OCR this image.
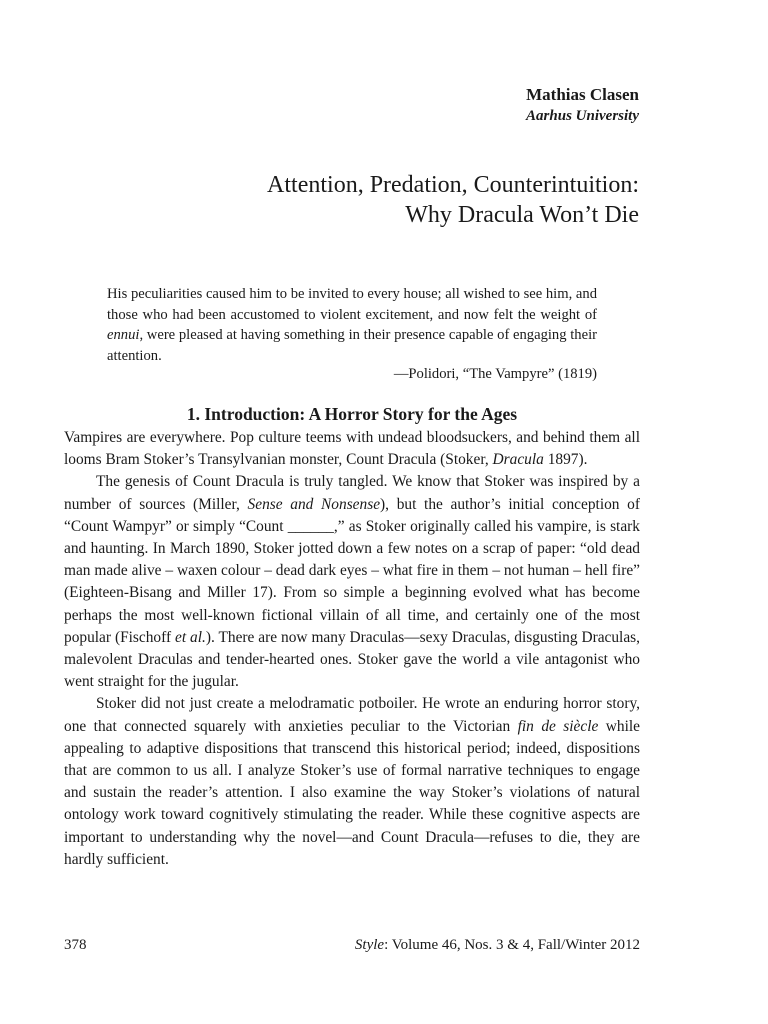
Mathias Clasen
Aarhus University
Attention, Predation, Counterintuition:
Why Dracula Won’t Die
His peculiarities caused him to be invited to every house; all wished to see him, and those who had been accustomed to violent excitement, and now felt the weight of ennui, were pleased at having something in their presence capable of engaging their attention.
—Polidori, “The Vampyre” (1819)
1. Introduction: A Horror Story for the Ages

Vampires are everywhere. Pop culture teems with undead bloodsuckers, and behind them all looms Bram Stoker’s Transylvanian monster, Count Dracula (Stoker, Dracula 1897).

The genesis of Count Dracula is truly tangled. We know that Stoker was inspired by a number of sources (Miller, Sense and Nonsense), but the author’s initial conception of “Count Wampyr” or simply “Count ______,” as Stoker originally called his vampire, is stark and haunting. In March 1890, Stoker jotted down a few notes on a scrap of paper: “old dead man made alive – waxen colour – dead dark eyes – what fire in them – not human – hell fire” (Eighteen-Bisang and Miller 17). From so simple a beginning evolved what has become perhaps the most well-known fictional villain of all time, and certainly one of the most popular (Fischoff et al.). There are now many Draculas—sexy Draculas, disgusting Draculas, malevolent Draculas and tender-hearted ones. Stoker gave the world a vile antagonist who went straight for the jugular.

Stoker did not just create a melodramatic potboiler. He wrote an enduring horror story, one that connected squarely with anxieties peculiar to the Victorian fin de siècle while appealing to adaptive dispositions that transcend this historical period; indeed, dispositions that are common to us all. I analyze Stoker’s use of formal narrative techniques to engage and sustain the reader’s attention. I also examine the way Stoker’s violations of natural ontology work toward cognitively stimulating the reader. While these cognitive aspects are important to understanding why the novel—and Count Dracula—refuses to die, they are hardly sufficient.

378	Style: Volume 46, Nos. 3 & 4, Fall/Winter 2012
